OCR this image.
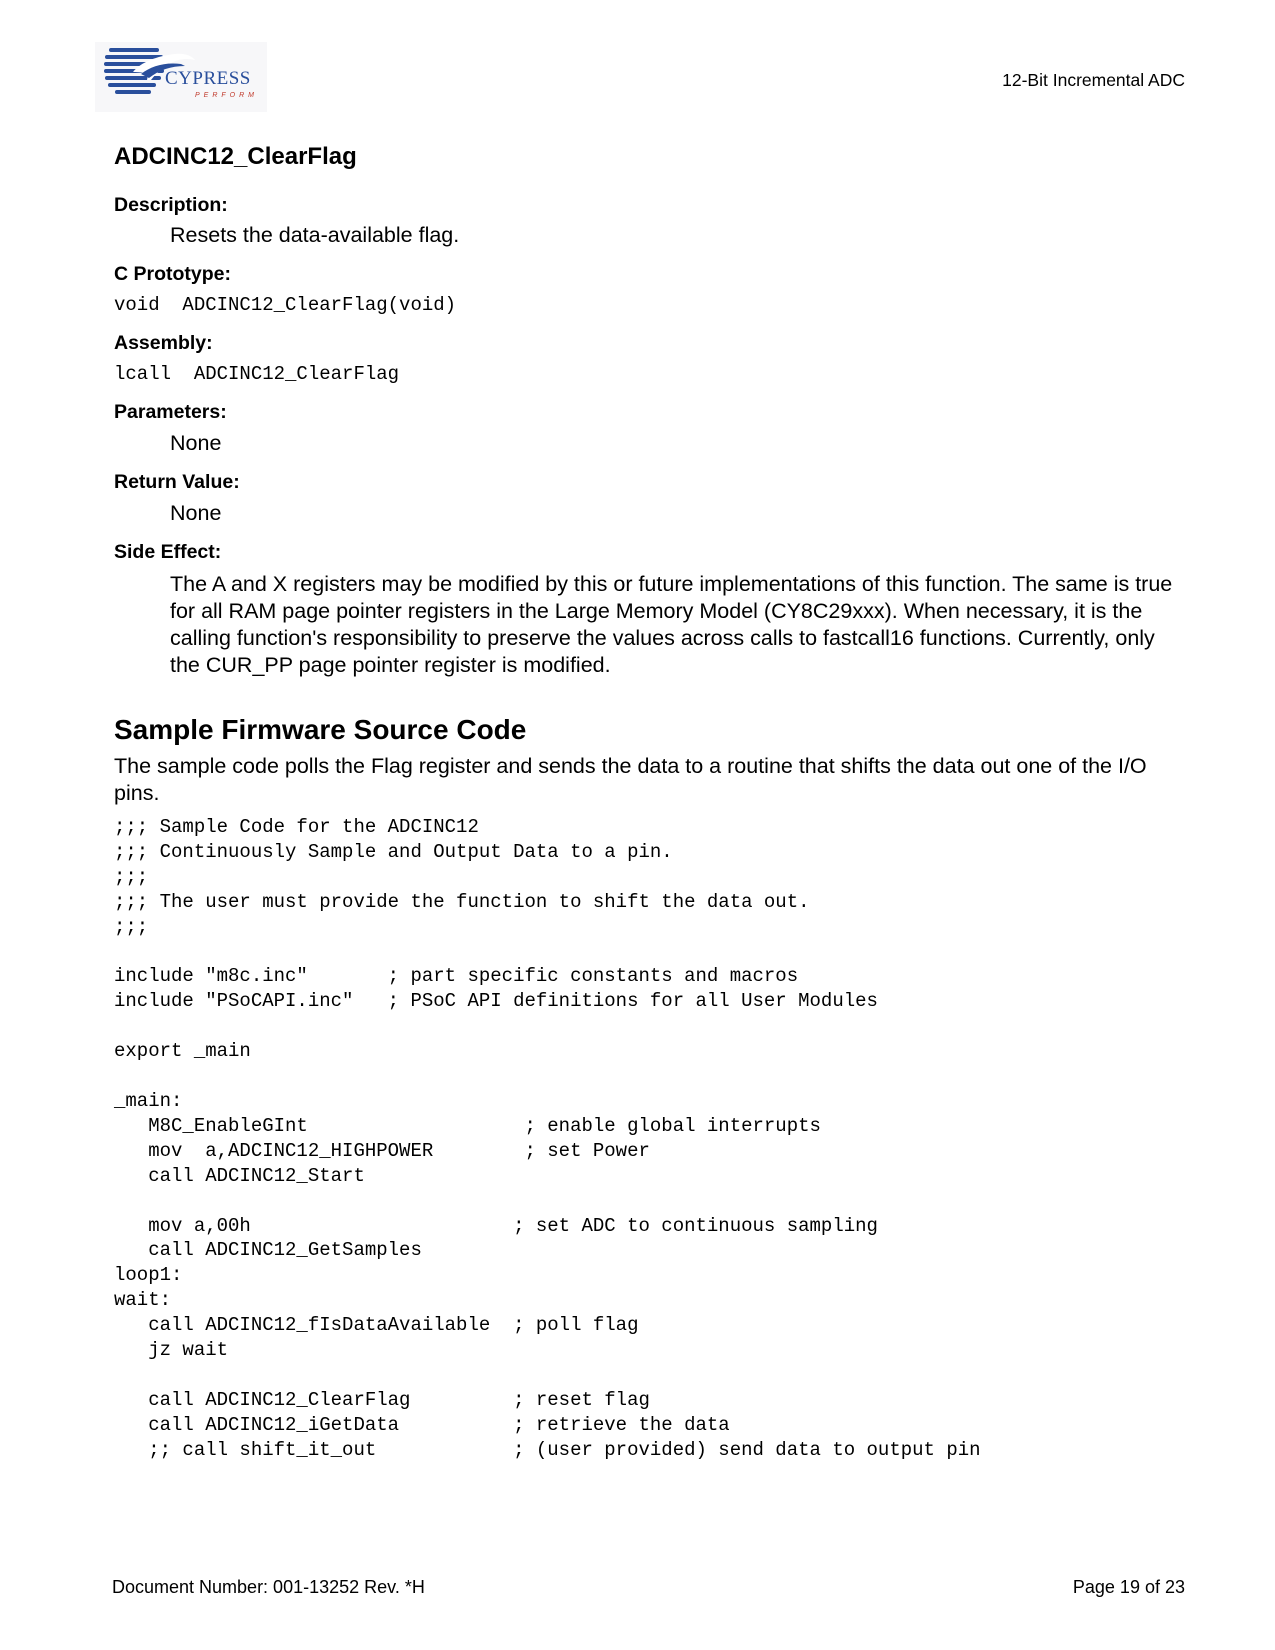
CYPRESS
PERFORM
12-Bit Incremental ADC
ADCINC12_ClearFlag

Description:

Resets the data-available flag.

C Prototype:

void  ADCINC12_ClearFlag(void)

Assembly:

lcall  ADCINC12_ClearFlag

Parameters:

None

Return Value:

None

Side Effect:

The A and X registers may be modified by this or future implementations of this function. The same is true for all RAM page pointer registers in the Large Memory Model (CY8C29xxx). When necessary, it is the calling function's responsibility to preserve the values across calls to fastcall16 functions. Currently, only the CUR_PP page pointer register is modified.

Sample Firmware Source Code

The sample code polls the Flag register and sends the data to a routine that shifts the data out one of the I/O pins.

;;; Sample Code for the ADCINC12
;;; Continuously Sample and Output Data to a pin.
;;;
;;; The user must provide the function to shift the data out.
;;;

include "m8c.inc"       ; part specific constants and macros
include "PSoCAPI.inc"   ; PSoC API definitions for all User Modules

export _main

_main:
M8C_EnableGInt                   ; enable global interrupts
mov  a,ADCINC12_HIGHPOWER        ; set Power
call ADCINC12_Start

mov a,00h                       ; set ADC to continuous sampling
call ADCINC12_GetSamples
loop1:
wait:
call ADCINC12_fIsDataAvailable  ; poll flag
jz wait

call ADCINC12_ClearFlag         ; reset flag
call ADCINC12_iGetData          ; retrieve the data
;; call shift_it_out            ; (user provided) send data to output pin
Document Number: 001-13252 Rev. *H	Page 19 of 23
